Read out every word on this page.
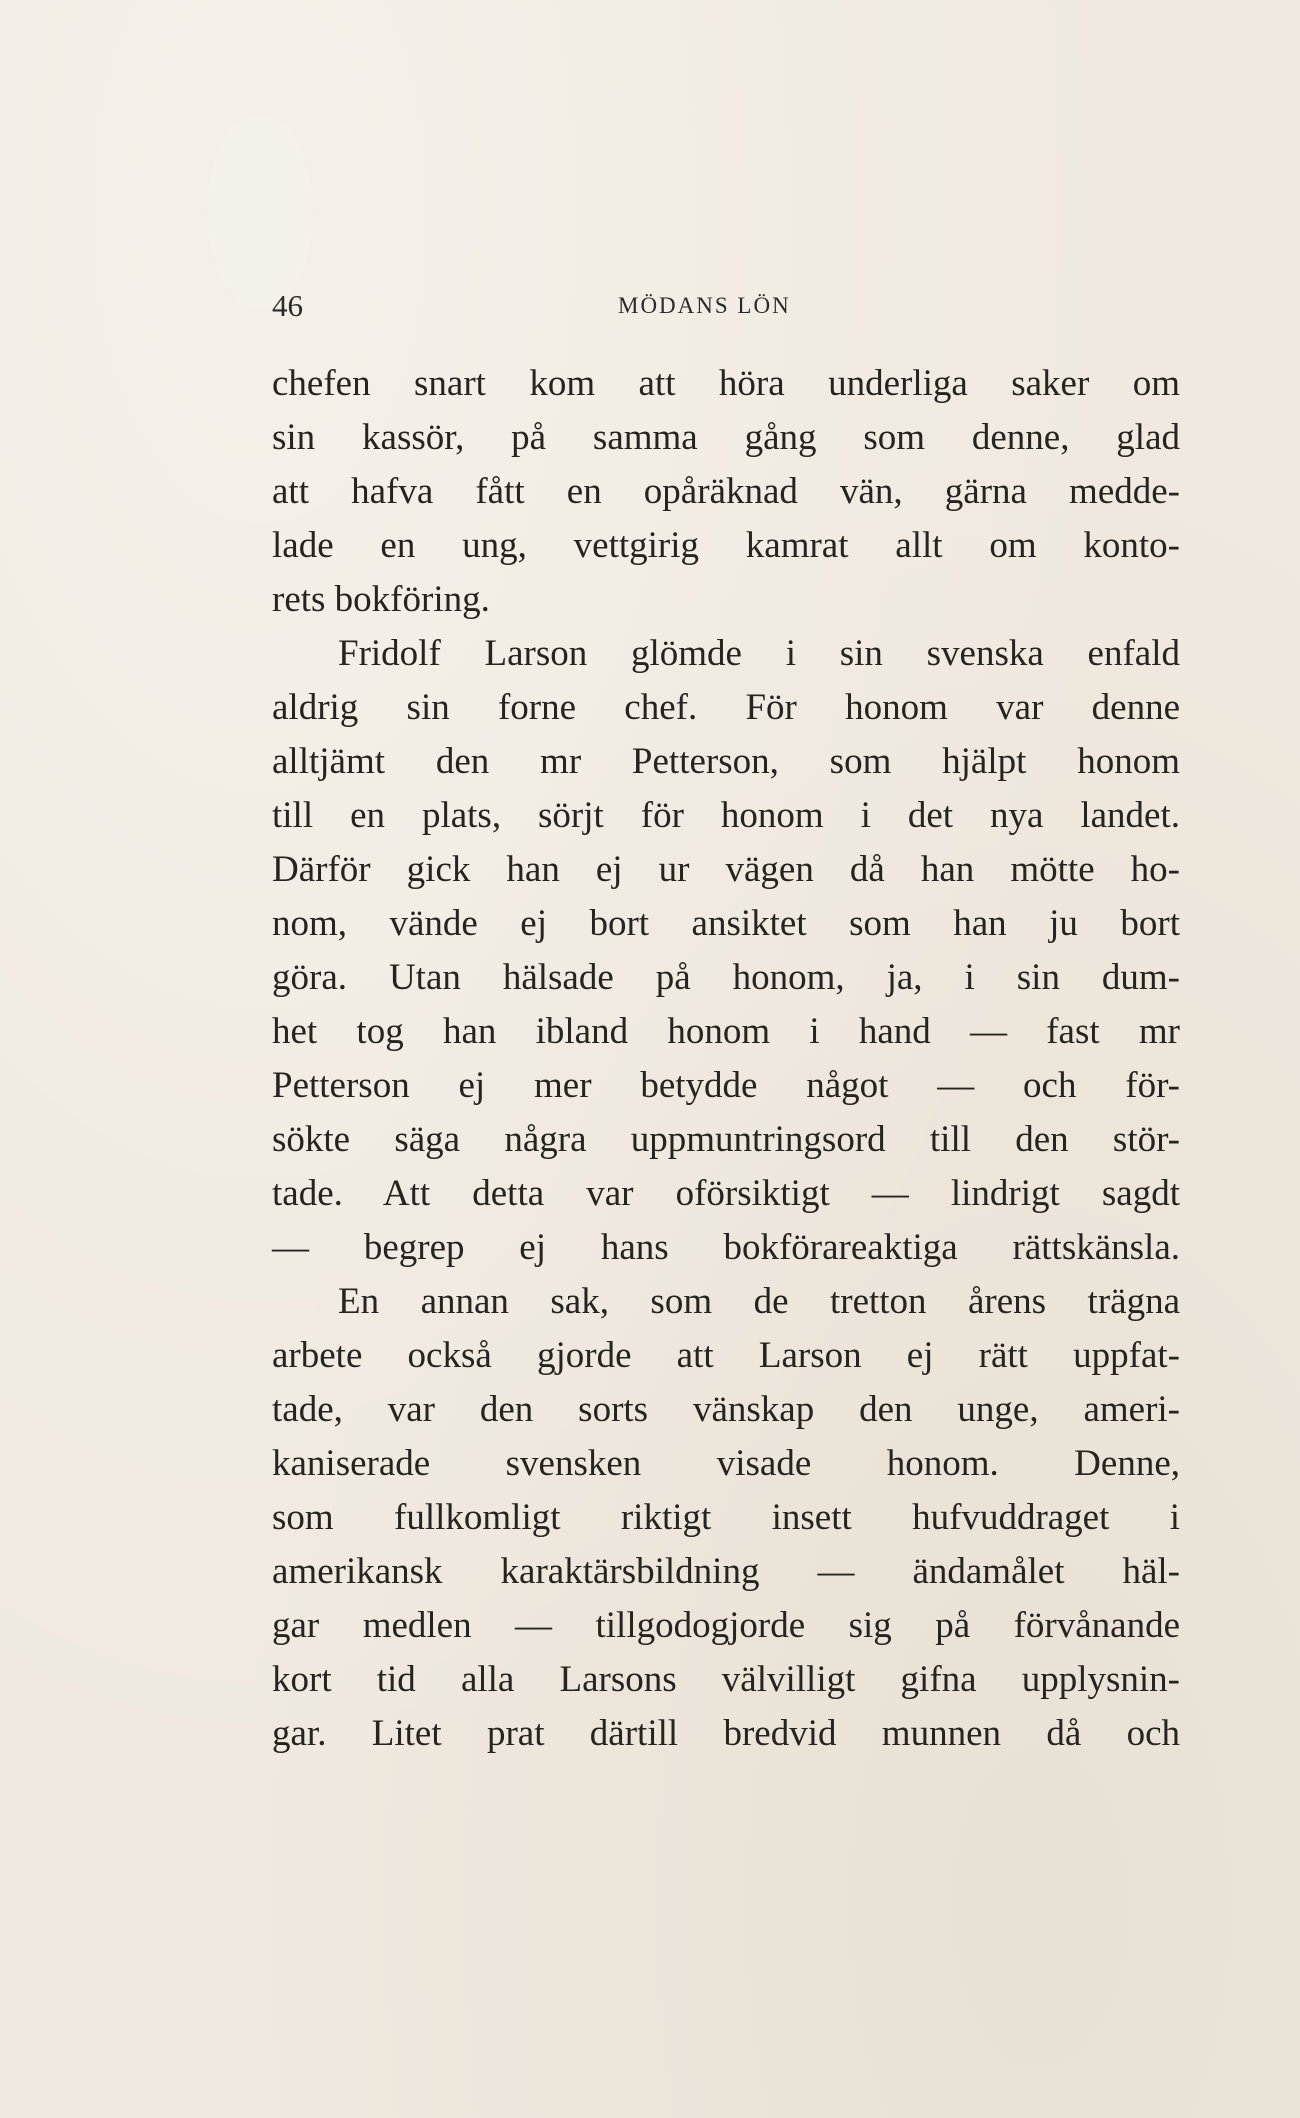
46	MÖDANS LÖN
chefen snart kom att höra underliga saker om
sin kassör, på samma gång som denne, glad
att hafva fått en opåräknad vän, gärna medde-
lade en ung, vettgirig kamrat allt om konto-
rets bokföring.
Fridolf Larson glömde i sin svenska enfald
aldrig sin forne chef. För honom var denne
alltjämt den mr Petterson, som hjälpt honom
till en plats, sörjt för honom i det nya landet.
Därför gick han ej ur vägen då han mötte ho-
nom, vände ej bort ansiktet som han ju bort
göra. Utan hälsade på honom, ja, i sin dum-
het tog han ibland honom i hand — fast mr
Petterson ej mer betydde något — och för-
sökte säga några uppmuntringsord till den stör-
tade. Att detta var oförsiktigt — lindrigt sagdt
— begrep ej hans bokförareaktiga rättskänsla.
En annan sak, som de tretton årens trägna
arbete också gjorde att Larson ej rätt uppfat-
tade, var den sorts vänskap den unge, ameri-
kaniserade svensken visade honom. Denne,
som fullkomligt riktigt insett hufvuddraget i
amerikansk karaktärsbildning — ändamålet häl-
gar medlen — tillgodogjorde sig på förvånande
kort tid alla Larsons välvilligt gifna upplysnin-
gar. Litet prat därtill bredvid munnen då och
